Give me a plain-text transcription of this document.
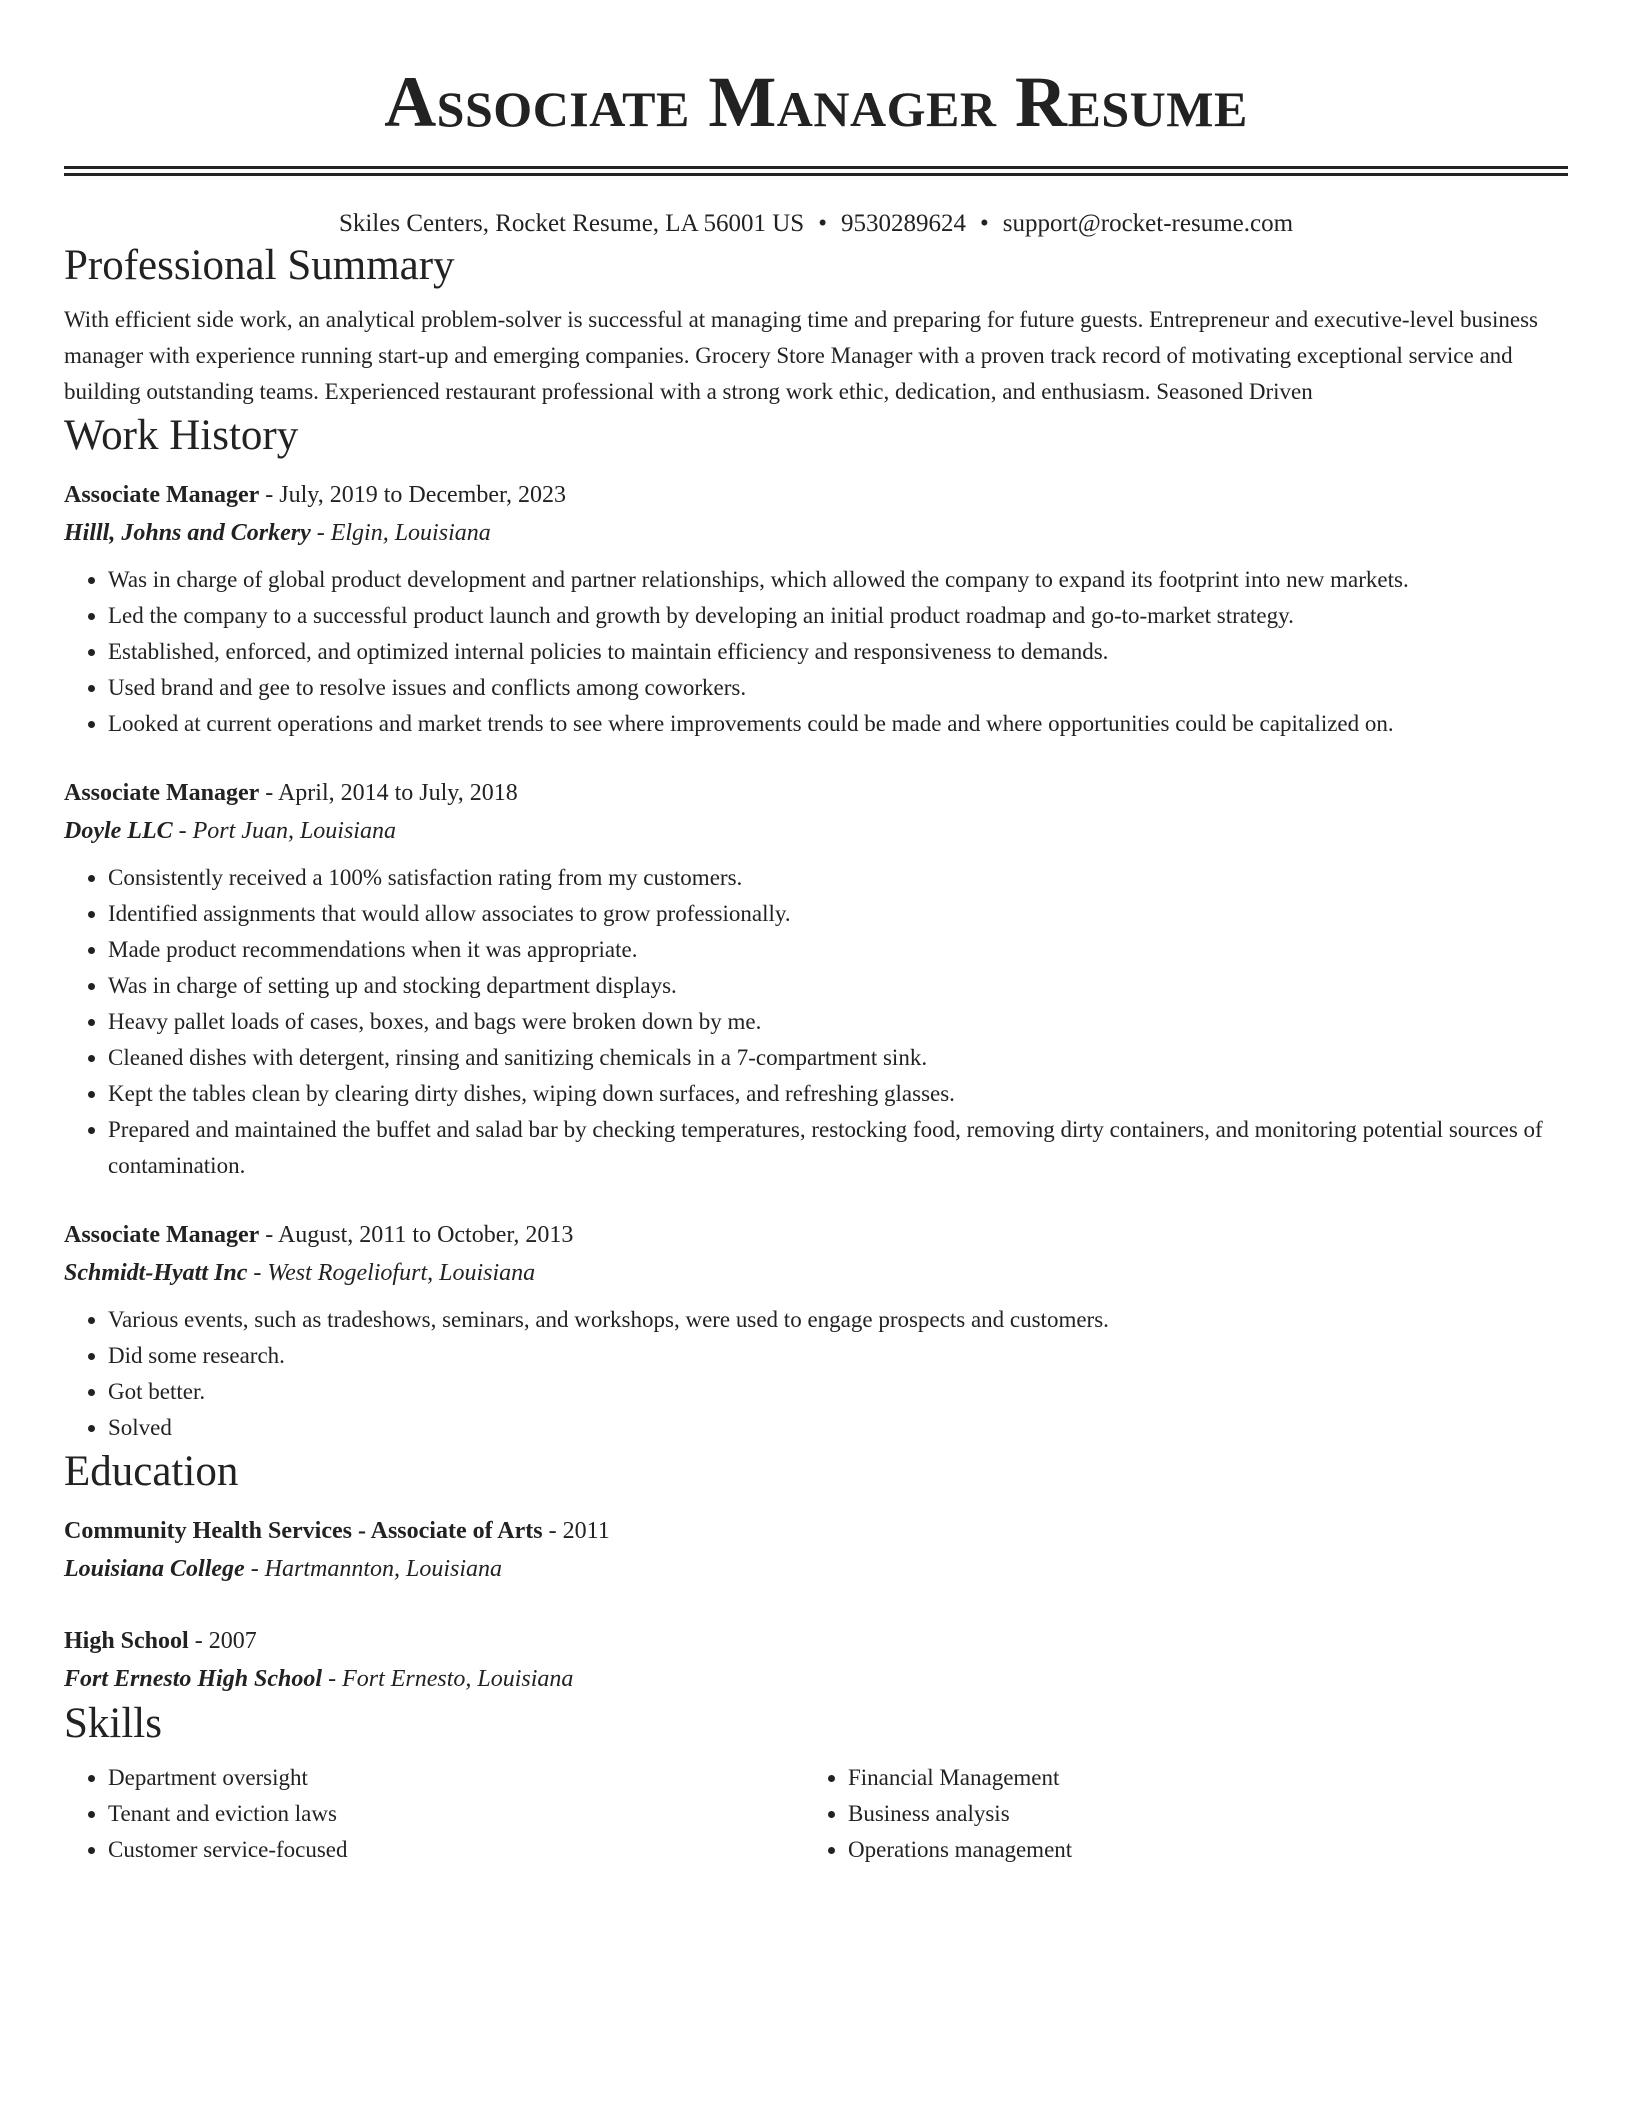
Associate Manager Resume
Skiles Centers, Rocket Resume, LA 56001 US • 9530289624 • support@rocket-resume.com
Professional Summary
With efficient side work, an analytical problem-solver is successful at managing time and preparing for future guests. Entrepreneur and executive-level business manager with experience running start-up and emerging companies. Grocery Store Manager with a proven track record of motivating exceptional service and building outstanding teams. Experienced restaurant professional with a strong work ethic, dedication, and enthusiasm. Seasoned Driven
Work History
Associate Manager - July, 2019 to December, 2023
Hilll, Johns and Corkery - Elgin, Louisiana
• Was in charge of global product development and partner relationships, which allowed the company to expand its footprint into new markets.
• Led the company to a successful product launch and growth by developing an initial product roadmap and go-to-market strategy.
• Established, enforced, and optimized internal policies to maintain efficiency and responsiveness to demands.
• Used brand and gee to resolve issues and conflicts among coworkers.
• Looked at current operations and market trends to see where improvements could be made and where opportunities could be capitalized on.
Associate Manager - April, 2014 to July, 2018
Doyle LLC - Port Juan, Louisiana
• Consistently received a 100% satisfaction rating from my customers.
• Identified assignments that would allow associates to grow professionally.
• Made product recommendations when it was appropriate.
• Was in charge of setting up and stocking department displays.
• Heavy pallet loads of cases, boxes, and bags were broken down by me.
• Cleaned dishes with detergent, rinsing and sanitizing chemicals in a 7-compartment sink.
• Kept the tables clean by clearing dirty dishes, wiping down surfaces, and refreshing glasses.
• Prepared and maintained the buffet and salad bar by checking temperatures, restocking food, removing dirty containers, and monitoring potential sources of contamination.
Associate Manager - August, 2011 to October, 2013
Schmidt-Hyatt Inc - West Rogeliofurt, Louisiana
• Various events, such as tradeshows, seminars, and workshops, were used to engage prospects and customers.
• Did some research.
• Got better.
• Solved
Education
Community Health Services - Associate of Arts - 2011
Louisiana College - Hartmannton, Louisiana
High School - 2007
Fort Ernesto High School - Fort Ernesto, Louisiana
Skills
• Department oversight
• Tenant and eviction laws
• Customer service-focused
• Financial Management
• Business analysis
• Operations management
